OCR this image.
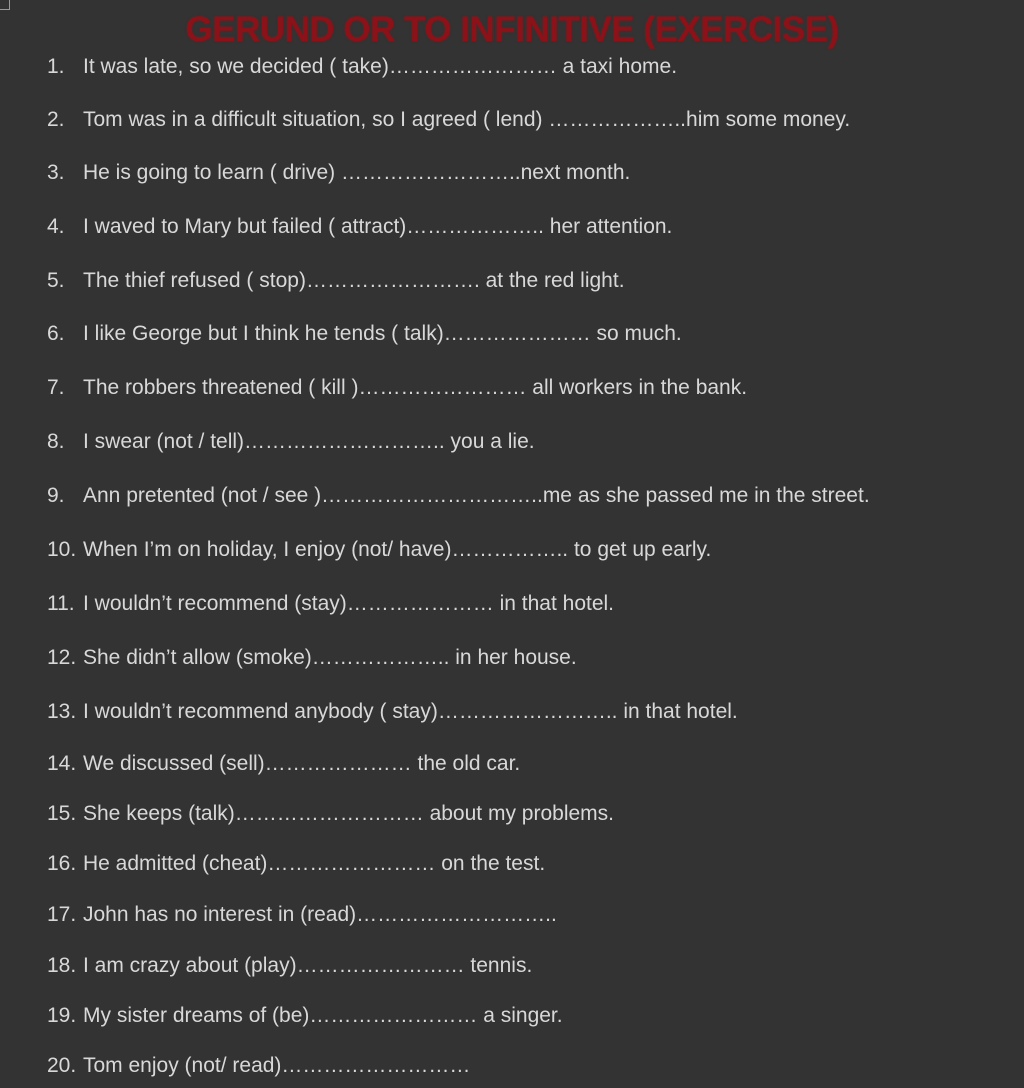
GERUND OR TO INFINITIVE (EXERCISE)
1. It was late, so we decided ( take)…………………… a taxi home.
2. Tom was in a difficult situation, so I agreed ( lend) ………………..him some money.
3. He is going to learn ( drive) ……………………..next month.
4. I waved to Mary but failed ( attract)……………….. her attention.
5. The thief refused ( stop)……………………. at the red light.
6. I like George but I think he tends ( talk)………………… so much.
7. The robbers threatened ( kill )…………………… all workers in the bank.
8. I swear (not / tell)……………………….. you a lie.
9. Ann pretented (not / see )…………………………..me as she passed me in the street.
10. When I’m on holiday, I enjoy (not/ have)…………….. to get up early.
11. I wouldn’t recommend (stay)………………… in that hotel.
12. She didn’t allow (smoke)……………….. in her house.
13. I wouldn’t recommend anybody ( stay)…………………….. in that hotel.
14. We discussed (sell)………………… the old car.
15. She keeps (talk)……………………… about my problems.
16. He admitted (cheat)…………………… on the test.
17. John has no interest in (read)………………………..
18. I am crazy about (play)…………………… tennis.
19. My sister dreams of (be)…………………… a singer.
20. Tom enjoy (not/ read)………………………
